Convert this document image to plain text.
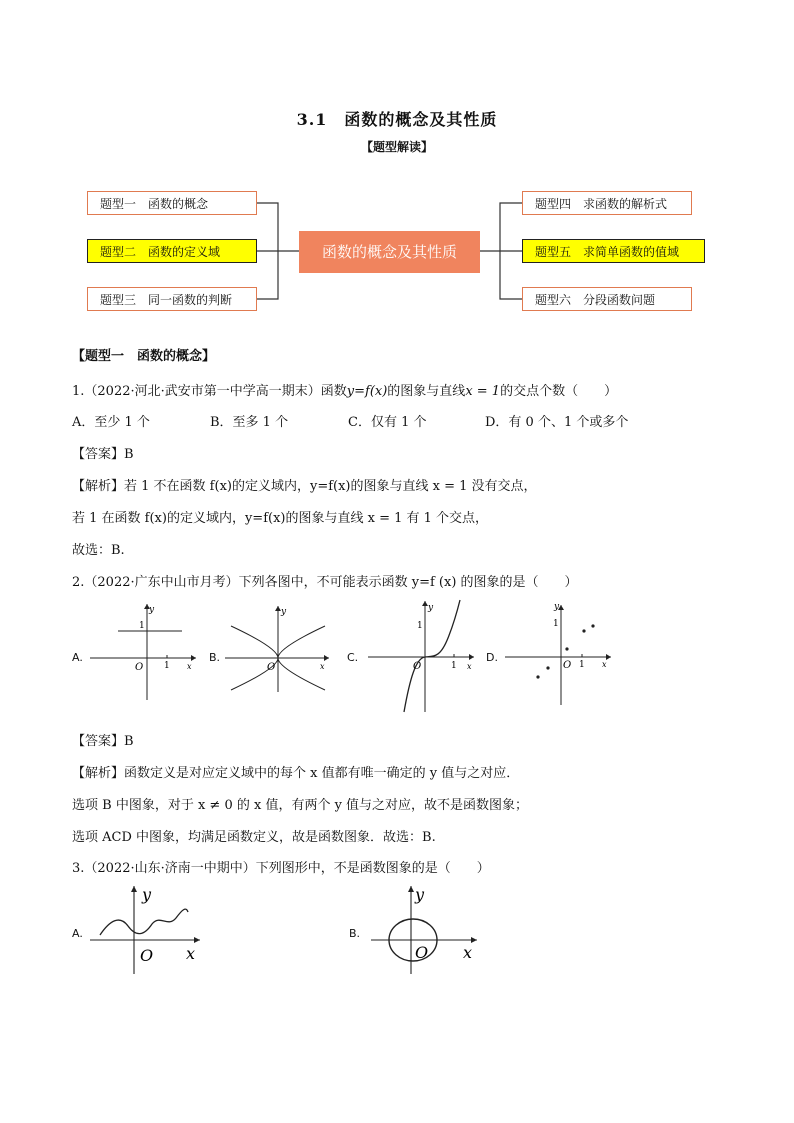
3.1　函数的概念及其性质
【题型解读】
题型一　函数的概念
题型二　函数的定义域
题型三　同一函数的判断
函数的概念及其性质
题型四　求函数的解析式
题型五　求简单函数的值域
题型六　分段函数问题
【题型一　函数的概念】
1.（2022·河北·武安市第一中学高一期末）函数y=f(x)的图象与直线x = 1的交点个数（　　）
A．至少 1 个	B．至多 1 个	C．仅有 1 个	D．有 0 个、1 个或多个
【答案】B
【解析】若 1 不在函数 f(x)的定义域内，y=f(x)的图象与直线 x = 1 没有交点，
若 1 在函数 f(x)的定义域内，y=f(x)的图象与直线 x = 1 有 1 个交点，
故选：B.
2.（2022·广东中山市月考）下列各图中，不可能表示函数 y=f (x) 的图象的是（　　）
A.	B.	C.	D.
y
x
O
1
1
y
x
O
y
x
O
1
1
y
x
O
1
1
【答案】B
【解析】函数定义是对应定义域中的每个 x 值都有唯一确定的 y 值与之对应．
选项 B 中图象，对于 x ≠ 0 的 x 值，有两个 y 值与之对应，故不是函数图象；
选项 ACD 中图象，均满足函数定义，故是函数图象．故选：B.
3.（2022·山东·济南一中期中）下列图形中，不是函数图象的是（　　）
A.	B.
y
x
O
y
x
O
